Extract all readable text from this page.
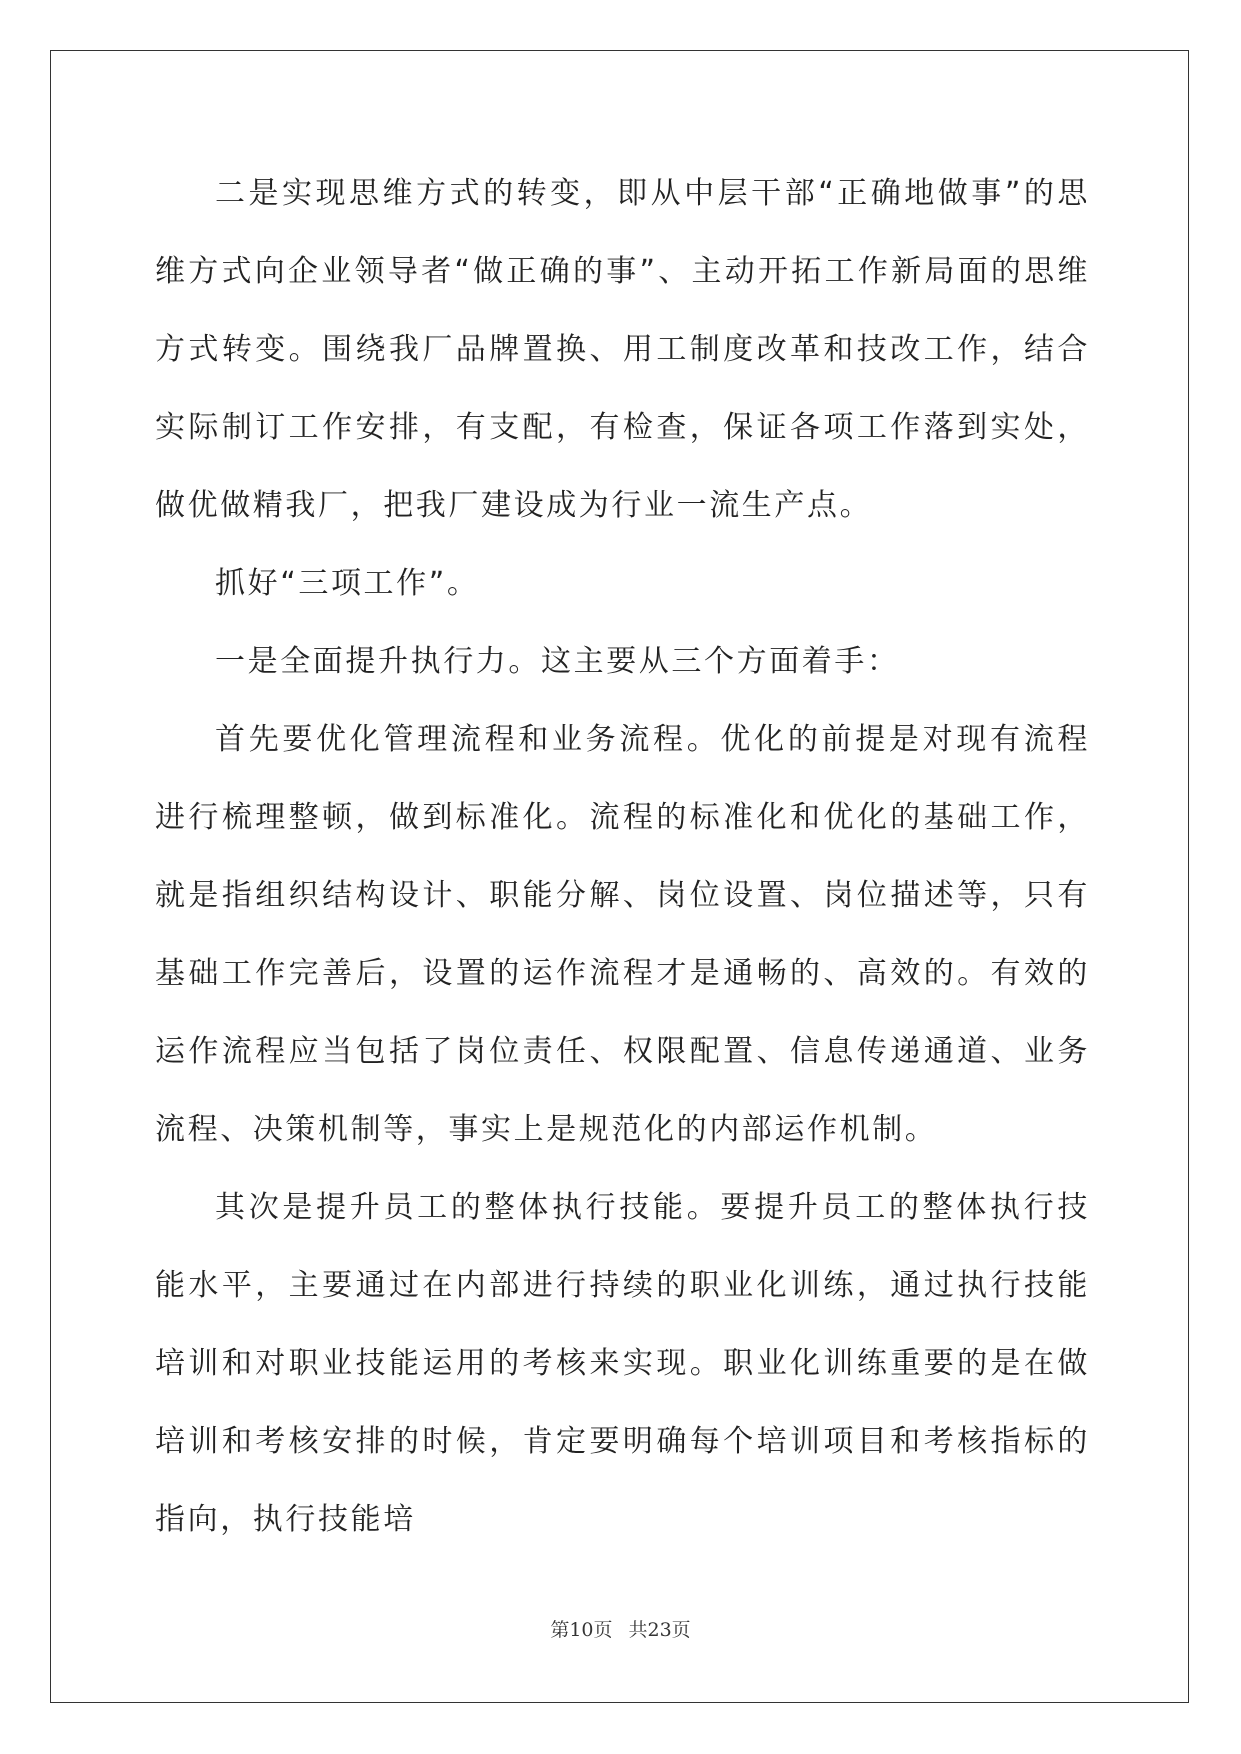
二是实现思维方式的转变，即从中层干部“正确地做事”的思维方式向企业领导者“做正确的事”、主动开拓工作新局面的思维方式转变。围绕我厂品牌置换、用工制度改革和技改工作，结合实际制订工作安排，有支配，有检查，保证各项工作落到实处，做优做精我厂，把我厂建设成为行业一流生产点。

抓好“三项工作”。

一是全面提升执行力。这主要从三个方面着手：

首先要优化管理流程和业务流程。优化的前提是对现有流程进行梳理整顿，做到标准化。流程的标准化和优化的基础工作，就是指组织结构设计、职能分解、岗位设置、岗位描述等，只有基础工作完善后，设置的运作流程才是通畅的、高效的。有效的运作流程应当包括了岗位责任、权限配置、信息传递通道、业务流程、决策机制等，事实上是规范化的内部运作机制。

其次是提升员工的整体执行技能。要提升员工的整体执行技能水平，主要通过在内部进行持续的职业化训练，通过执行技能培训和对职业技能运用的考核来实现。职业化训练重要的是在做培训和考核安排的时候，肯定要明确每个培训项目和考核指标的指向，执行技能培

第10页 共23页
